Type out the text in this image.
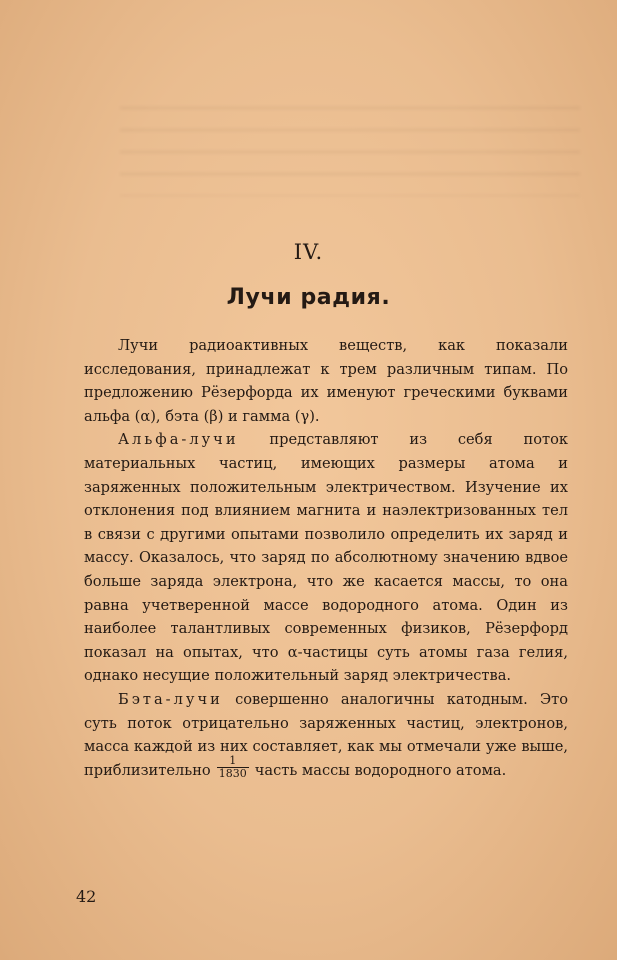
IV.
Лучи радия.

Лучи радиоактивных веществ, как показали исследования, принадлежат к трем различным типам. По предложению Рёзерфорда их именуют греческими буквами альфа (α), бэта (β) и гамма (γ).

Альфа-лучи представляют из себя поток материальных частиц, имеющих размеры атома и заряженных положительным электричеством. Изучение их отклонения под влиянием магнита и наэлектризованных тел в связи с другими опытами позволило определить их заряд и массу. Оказалось, что заряд по абсолютному значению вдвое больше заряда электрона, что же касается массы, то она равна учетверенной массе водородного атома. Один из наиболее талантливых современных физиков, Рёзерфорд показал на опытах, что α-частицы суть атомы газа гелия, однако несущие положительный заряд электричества.

Бэта-лучи совершенно аналогичны катодным. Это суть поток отрицательно заряженных частиц, электронов, масса каждой из них составляет, как мы отмечали уже выше, приблизительно $\frac{1}{1830}$ часть массы водородного атома.

42
